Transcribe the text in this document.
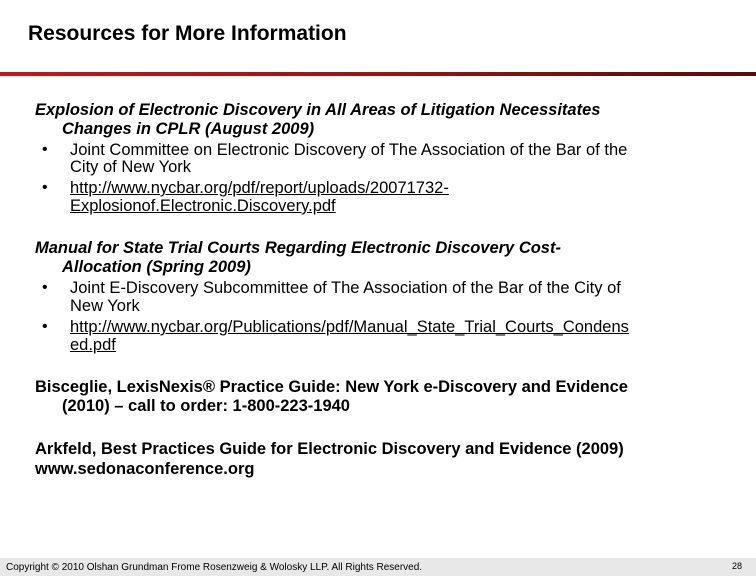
Resources for More Information
Explosion of Electronic Discovery in All Areas of Litigation Necessitates
Changes in CPLR (August 2009)
• Joint Committee on Electronic Discovery of The Association of the Bar of the
City of New York
• http://www.nycbar.org/pdf/report/uploads/20071732-
Explosionof.Electronic.Discovery.pdf
Manual for State Trial Courts Regarding Electronic Discovery Cost-
Allocation (Spring 2009)
• Joint E-Discovery Subcommittee of The Association of the Bar of the City of
New York
• http://www.nycbar.org/Publications/pdf/Manual_State_Trial_Courts_Condens
ed.pdf
Bisceglie, LexisNexis® Practice Guide: New York e-Discovery and Evidence
(2010) – call to order: 1-800-223-1940
Arkfeld, Best Practices Guide for Electronic Discovery and Evidence (2009)
www.sedonaconference.org
Copyright © 2010 Olshan Grundman Frome Rosenzweig & Wolosky LLP. All Rights Reserved.	28
